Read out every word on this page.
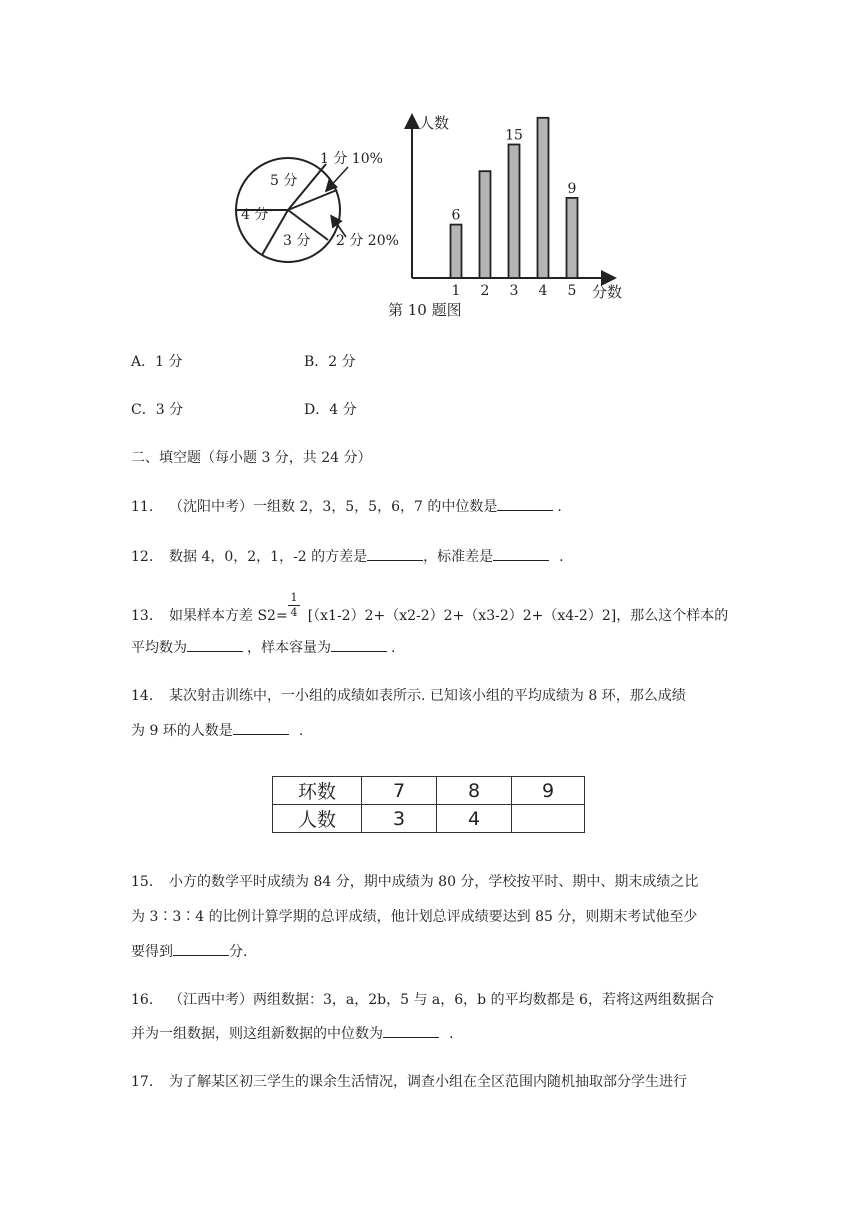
5 分
4 分
3 分
1 分 10%
2 分 20%
人数
分数
1
6
2 3
15
4 5
9
第 10 题图
A．1 分	B．2 分
C．3 分	D．4 分
二、填空题（每小题 3 分，共 24 分）
11． （沈阳中考）一组数 2，3，5，5，6，7 的中位数是	.
12． 数据 4，0，2，1，-2 的方差是	，标准差是	.
13． 如果样本方差 S2= [（x1-2）2+（x2-2）2+（x3-2）2+（x4-2）2]，那么这个样本的
1
4
平均数为	，样本容量为	.
14． 某次射击训练中，一小组的成绩如表所示. 已知该小组的平均成绩为 8 环，那么成绩
为 9 环的人数是	.
环数	7	8	9
人数	3	4	
15． 小方的数学平时成绩为 84 分，期中成绩为 80 分，学校按平时、期中、期末成绩之比
为 3∶3∶4 的比例计算学期的总评成绩，他计划总评成绩要达到 85 分，则期末考试他至少
要得到	分.
16． （江西中考）两组数据：3，a，2b，5 与 a，6，b 的平均数都是 6，若将这两组数据合
并为一组数据，则这组新数据的中位数为	.
17． 为了解某区初三学生的课余生活情况，调查小组在全区范围内随机抽取部分学生进行
